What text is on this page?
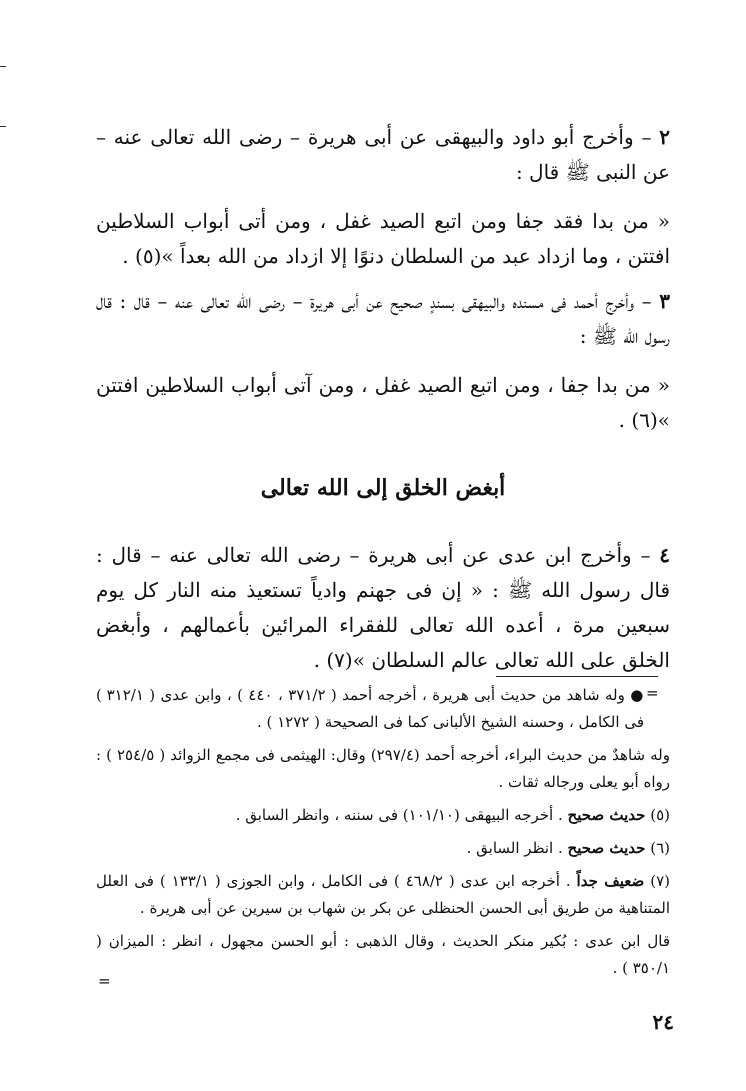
٢ – وأخرج أبو داود والبيهقى عن أبى هريرة – رضى الله تعالى عنه – عن النبى ﷺ قال :

« من بدا فقد جفا ومن اتبع الصيد غفل ، ومن أتى أبواب السلاطين افتتن ، وما ازداد عبد من السلطان دنوًا إلا ازداد من الله بعداً »(٥) .

٣ – وأخرج أحمد فى مسنده والبيهقى بسندٍ صحيح عن أبى هريرة – رضى الله تعالى عنه – قال : قال رسول الله ﷺ :

« من بدا جفا ، ومن اتبع الصيد غفل ، ومن آتى أبواب السلاطين افتتن »(٦) .

أبغض الخلق إلى الله تعالى

٤ – وأخرج ابن عدى عن أبى هريرة – رضى الله تعالى عنه – قال : قال رسول الله ﷺ : « إن فى جهنم وادياً تستعيذ منه النار كل يوم سبعين مرة ، أعده الله تعالى للفقراء المرائين بأعمالهم ، وأبغض الخلق على الله تعالى عالم السلطان »(٧) .

=

● وله شاهد من حديث أبى هريرة ، أخرجه أحمد ( ٣٧١/٢ ، ٤٤٠ ) ، وابن عدى ( ٣١٢/١ ) فى الكامل ، وحسنه الشيخ الألبانى كما فى الصحيحة ( ١٢٧٢ ) .

وله شاهدٌ من حديث البراء، أخرجه أحمد (٢٩٧/٤) وقال: الهيثمى فى مجمع الزوائد ( ٢٥٤/٥ ) : رواه أبو يعلى ورجاله ثقات .

(٥) حديث صحيح . أخرجه البيهقى (١٠١/١٠) فى سننه ، وانظر السابق .

(٦) حديث صحيح . انظر السابق .

(٧) ضعيف جداً . أخرجه ابن عدى ( ٤٦٨/٢ ) فى الكامل ، وابن الجوزى ( ١٣٣/١ ) فى العلل المتناهية من طريق أبى الحسن الحنظلى عن بكر بن شهاب بن سيرين عن أبى هريرة .

قال ابن عدى : بُكير منكر الحديث ، وقال الذهبى : أبو الحسن مجهول ، انظر : الميزان ( ٣٥٠/١ ) .

=
٢٤
